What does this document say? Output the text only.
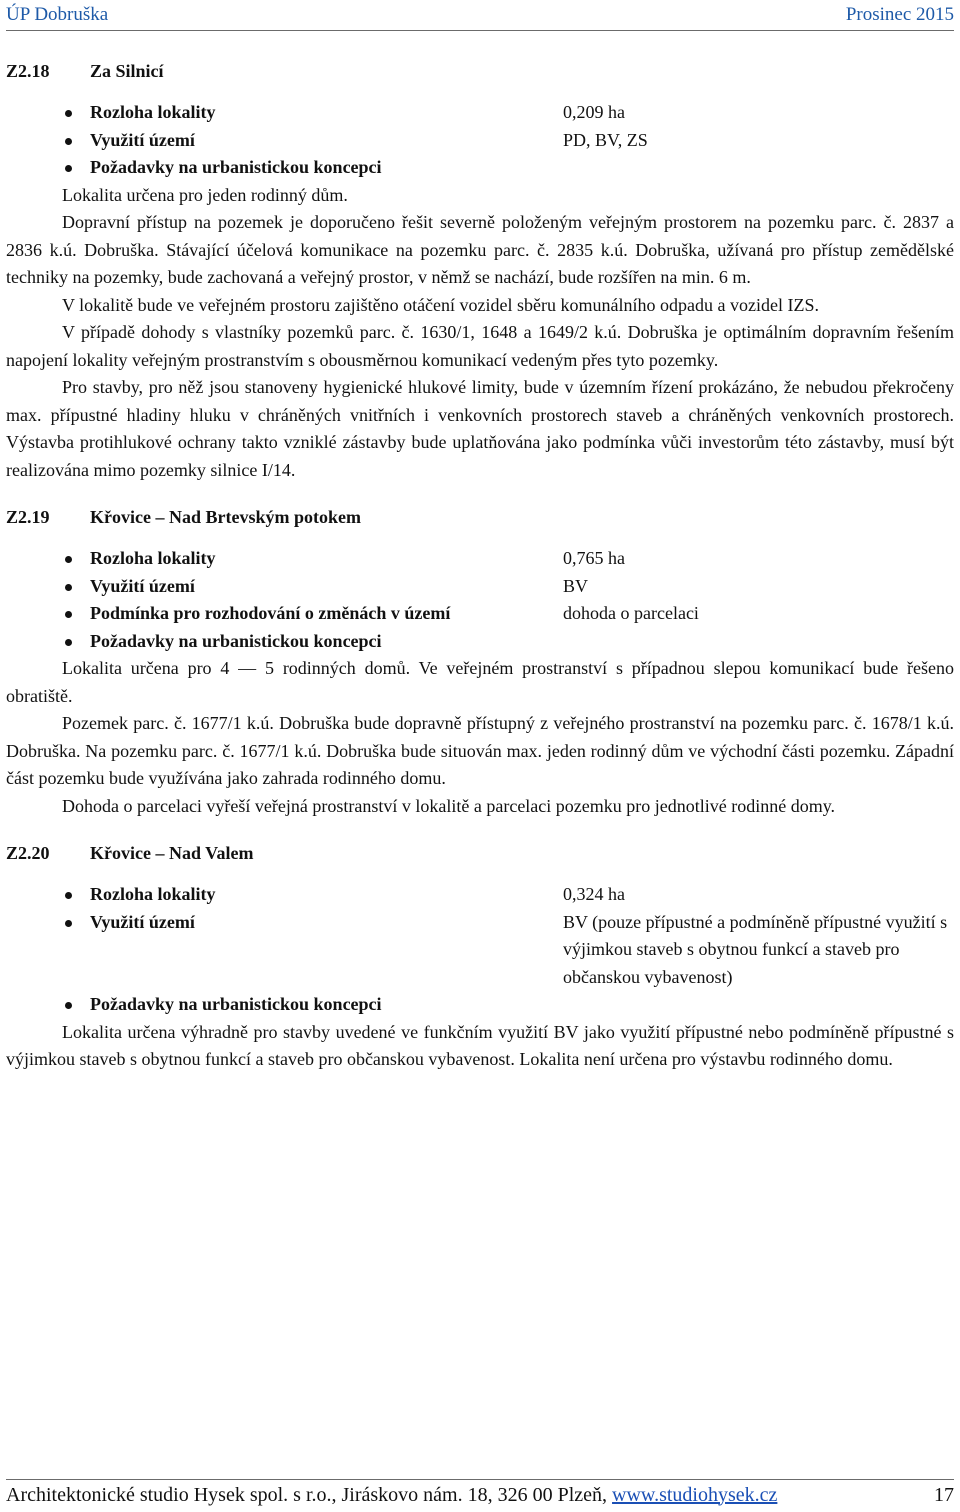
ÚP Dobruška	Prosinec 2015
Z2.18	Za Silnicí
Rozloha lokality	0,209 ha
Využití území	PD, BV, ZS
Požadavky na urbanistickou koncepci

Lokalita určena pro jeden rodinný dům.

Dopravní přístup na pozemek je doporučeno řešit severně položeným veřejným prostorem na pozemku parc. č. 2837 a 2836 k.ú. Dobruška. Stávající účelová komunikace na pozemku parc. č. 2835 k.ú. Dobruška, užívaná pro přístup zemědělské techniky na pozemky, bude zachovaná a veřejný prostor, v němž se nachází, bude rozšířen na min. 6 m.

V lokalitě bude ve veřejném prostoru zajištěno otáčení vozidel sběru komunálního odpadu a vozidel IZS.

V případě dohody s vlastníky pozemků parc. č. 1630/1, 1648 a 1649/2 k.ú. Dobruška je optimálním dopravním řešením napojení lokality veřejným prostranstvím s obousměrnou komunikací vedeným přes tyto pozemky.

Pro stavby, pro něž jsou stanoveny hygienické hlukové limity, bude v územním řízení prokázáno, že nebudou překročeny max. přípustné hladiny hluku v chráněných vnitřních i venkovních prostorech staveb a chráněných venkovních prostorech. Výstavba protihlukové ochrany takto vzniklé zástavby bude uplatňována jako podmínka vůči investorům této zástavby, musí být realizována mimo pozemky silnice I/14.

Z2.19	Křovice – Nad Brtevským potokem
Rozloha lokality	0,765 ha
Využití území	BV
Podmínka pro rozhodování o změnách v území	dohoda o parcelaci
Požadavky na urbanistickou koncepci

Lokalita určena pro 4 — 5 rodinných domů. Ve veřejném prostranství s případnou slepou komunikací bude řešeno obratiště.

Pozemek parc. č. 1677/1 k.ú. Dobruška bude dopravně přístupný z veřejného prostranství na pozemku parc. č. 1678/1 k.ú. Dobruška. Na pozemku parc. č. 1677/1 k.ú. Dobruška bude situován max. jeden rodinný dům ve východní části pozemku. Západní část pozemku bude využívána jako zahrada rodinného domu.

Dohoda o parcelaci vyřeší veřejná prostranství v lokalitě a parcelaci pozemku pro jednotlivé rodinné domy.

Z2.20	Křovice – Nad Valem
Rozloha lokality	0,324 ha
Využití území	BV (pouze přípustné a podmíněně přípustné využití s výjimkou staveb s obytnou funkcí a staveb pro občanskou vybavenost)
Požadavky na urbanistickou koncepci

Lokalita určena výhradně pro stavby uvedené ve funkčním využití BV jako využití přípustné nebo podmíněně přípustné s výjimkou staveb s obytnou funkcí a staveb pro občanskou vybavenost. Lokalita není určena pro výstavbu rodinného domu.

Architektonické studio Hysek spol. s r.o., Jiráskovo nám. 18, 326 00 Plzeň, www.studiohysek.cz	17
